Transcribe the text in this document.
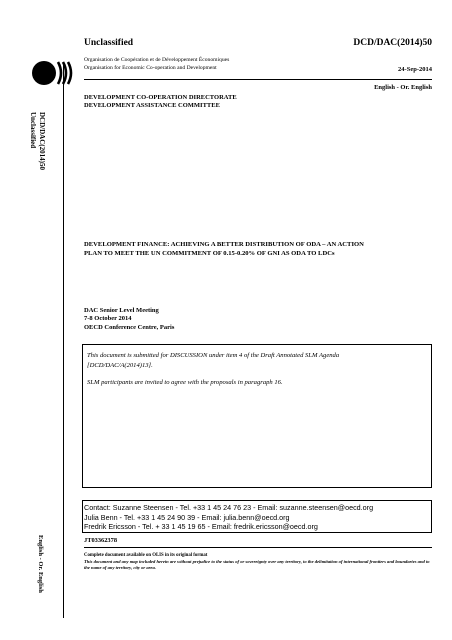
Unclassified	DCD/DAC(2014)50
Organisation de Coopération et de Développement Économiques
Organisation for Economic Co-operation and Development	24-Sep-2014
English - Or. English
DEVELOPMENT CO-OPERATION DIRECTORATE
DEVELOPMENT ASSISTANCE COMMITTEE
DCD/DAC(2014)50
Unclassified
English - Or. English
DEVELOPMENT FINANCE: ACHIEVING A BETTER DISTRIBUTION OF ODA – AN ACTION
PLAN TO MEET THE UN COMMITMENT OF 0.15-0.20% OF GNI AS ODA TO LDCs
DAC Senior Level Meeting
7-8 October 2014
OECD Conference Centre, Paris
This document is submitted for DISCUSSION under item 4 of the Draft Annotated SLM Agenda
[DCD/DAC/A(2014)13].
SLM participants are invited to agree with the proposals in paragraph 16.
Contact: Suzanne Steensen - Tel. +33 1 45 24 76 23 - Email: suzanne.steensen@oecd.org
Julia Benn - Tel. +33 1 45 24 90 39 - Email: julia.benn@oecd.org
Fredrik Ericsson - Tel. + 33 1 45 19 65 - Email: fredrik.ericsson@oecd.org
JT03362378
Complete document available on OLIS in its original format
This document and any map included herein are without prejudice to the status of or sovereignty over any territory, to the delimitation of international frontiers and boundaries and to the name of any territory, city or area.
